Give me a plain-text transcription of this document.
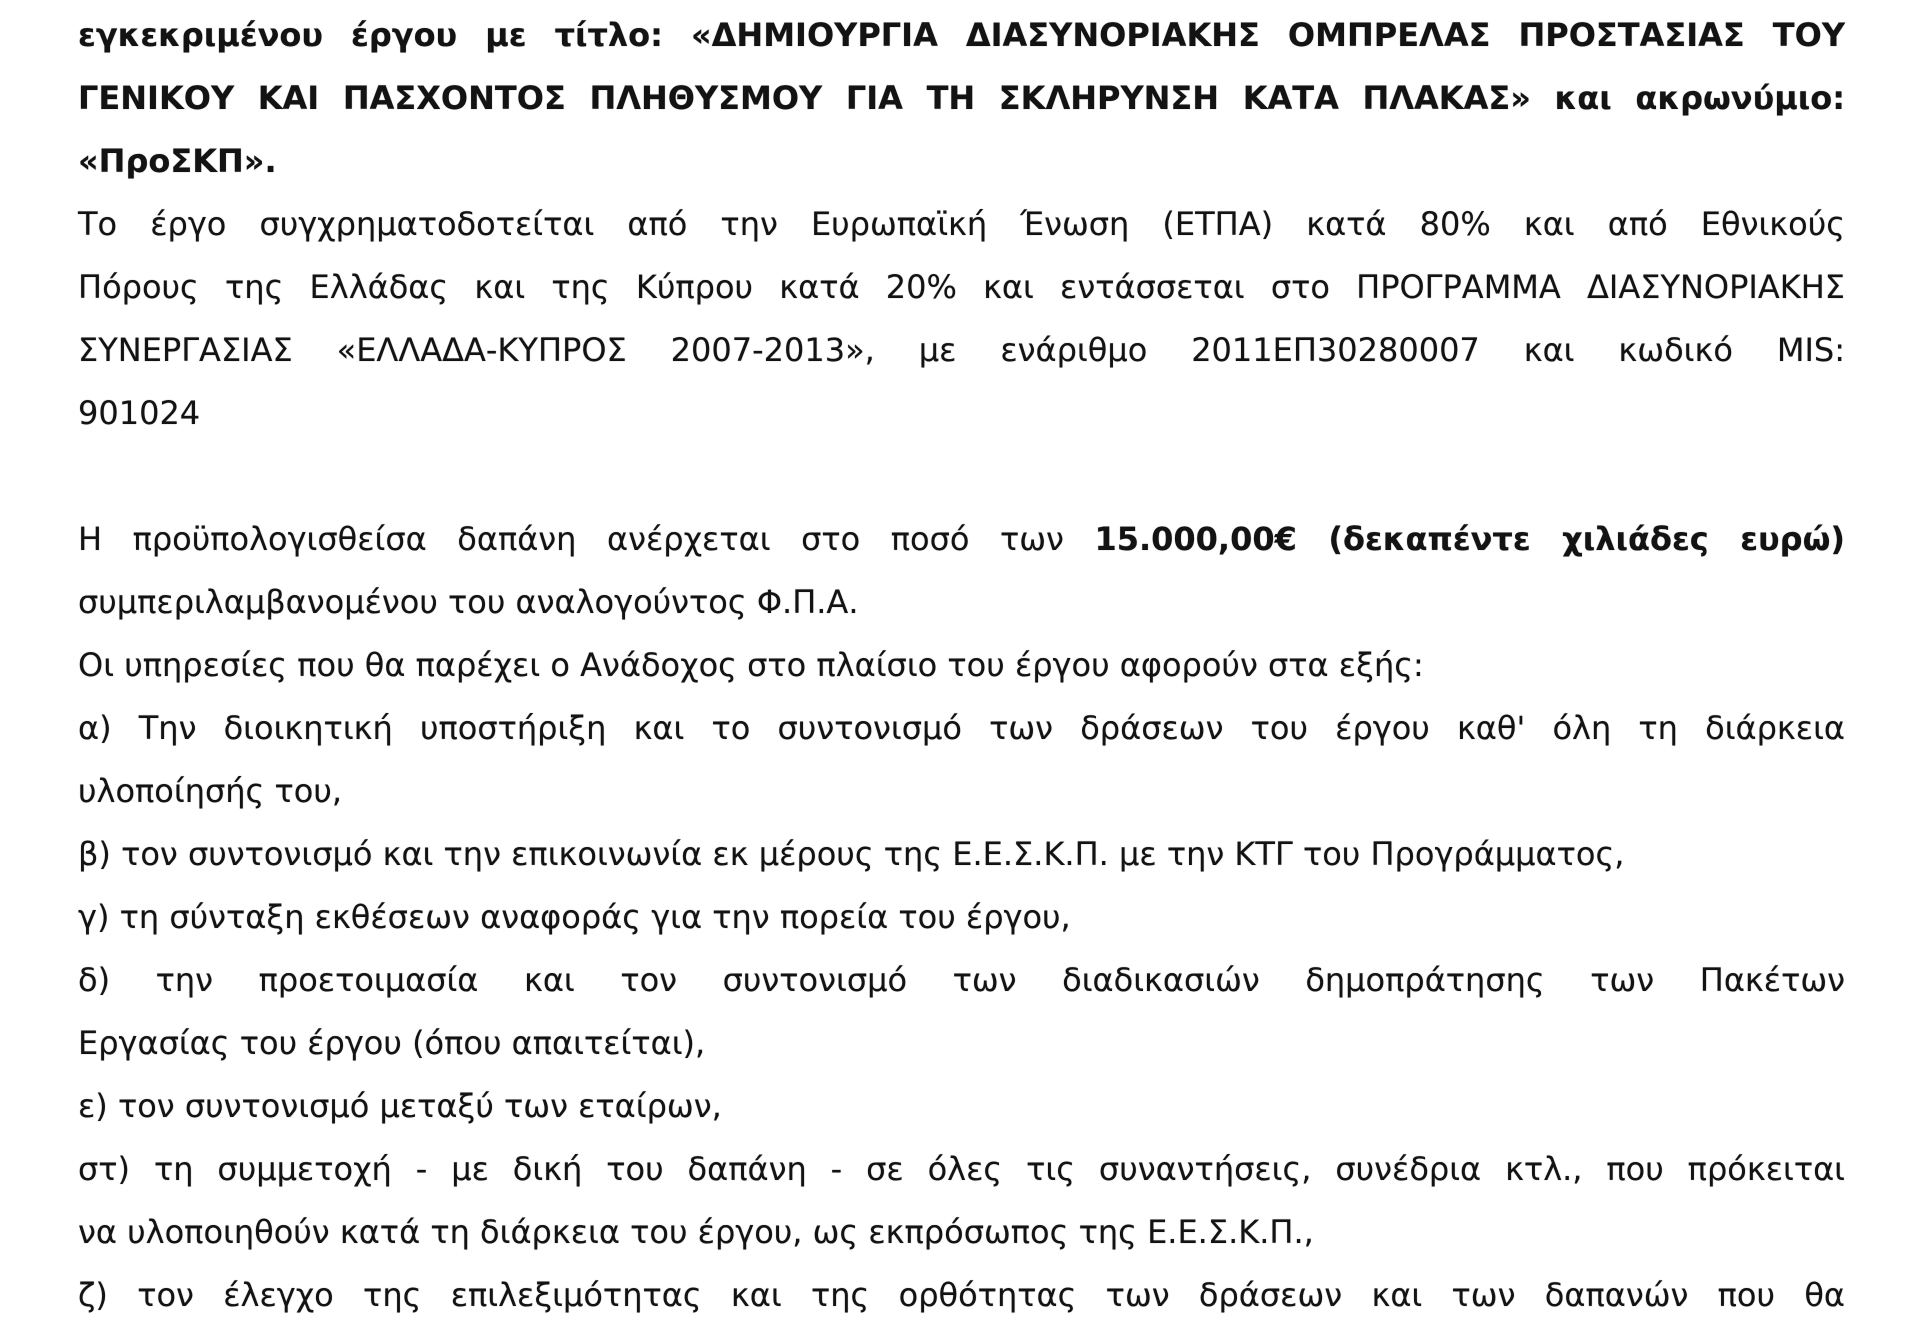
εγκεκριμένου έργου με τίτλο: «ΔΗΜΙΟΥΡΓΙΑ ΔΙΑΣΥΝΟΡΙΑΚΗΣ ΟΜΠΡΕΛΑΣ ΠΡΟΣΤΑΣΙΑΣ ΤΟΥ
ΓΕΝΙΚΟΥ ΚΑΙ ΠΑΣΧΟΝΤΟΣ ΠΛΗΘΥΣΜΟΥ ΓΙΑ ΤΗ ΣΚΛΗΡΥΝΣΗ ΚΑΤΑ ΠΛΑΚΑΣ» και ακρωνύμιο:
«ΠροΣΚΠ».
Το έργο συγχρηματοδοτείται από την Ευρωπαϊκή Ένωση (ΕΤΠΑ) κατά 80% και από Εθνικούς
Πόρους της Ελλάδας και της Κύπρου κατά 20% και εντάσσεται στο ΠΡΟΓΡΑΜΜΑ ΔΙΑΣΥΝΟΡΙΑΚΗΣ
ΣΥΝΕΡΓΑΣΙΑΣ «ΕΛΛΑΔΑ-ΚΥΠΡΟΣ 2007-2013», με ενάριθμο 2011ΕΠ30280007 και κωδικό MIS:
901024
Η προϋπολογισθείσα δαπάνη ανέρχεται στο ποσό των 15.000,00€ (δεκαπέντε χιλιάδες ευρώ)
συμπεριλαμβανομένου του αναλογούντος Φ.Π.Α.
Οι υπηρεσίες που θα παρέχει ο Ανάδοχος στο πλαίσιο του έργου αφορούν στα εξής:
α) Την διοικητική υποστήριξη και το συντονισμό των δράσεων του έργου καθ' όλη τη διάρκεια
υλοποίησής του,
β) τον συντονισμό και την επικοινωνία εκ μέρους της Ε.Ε.Σ.Κ.Π. με την ΚΤΓ του Προγράμματος,
γ) τη σύνταξη εκθέσεων αναφοράς για την πορεία του έργου,
δ) την προετοιμασία και τον συντονισμό των διαδικασιών δημοπράτησης των Πακέτων
Εργασίας του έργου (όπου απαιτείται),
ε) τον συντονισμό μεταξύ των εταίρων,
στ) τη συμμετοχή - με δική του δαπάνη - σε όλες τις συναντήσεις, συνέδρια κτλ., που πρόκειται
να υλοποιηθούν κατά τη διάρκεια του έργου, ως εκπρόσωπος της Ε.Ε.Σ.Κ.Π.,
ζ) τον έλεγχο της επιλεξιμότητας και της ορθότητας των δράσεων και των δαπανών που θα
